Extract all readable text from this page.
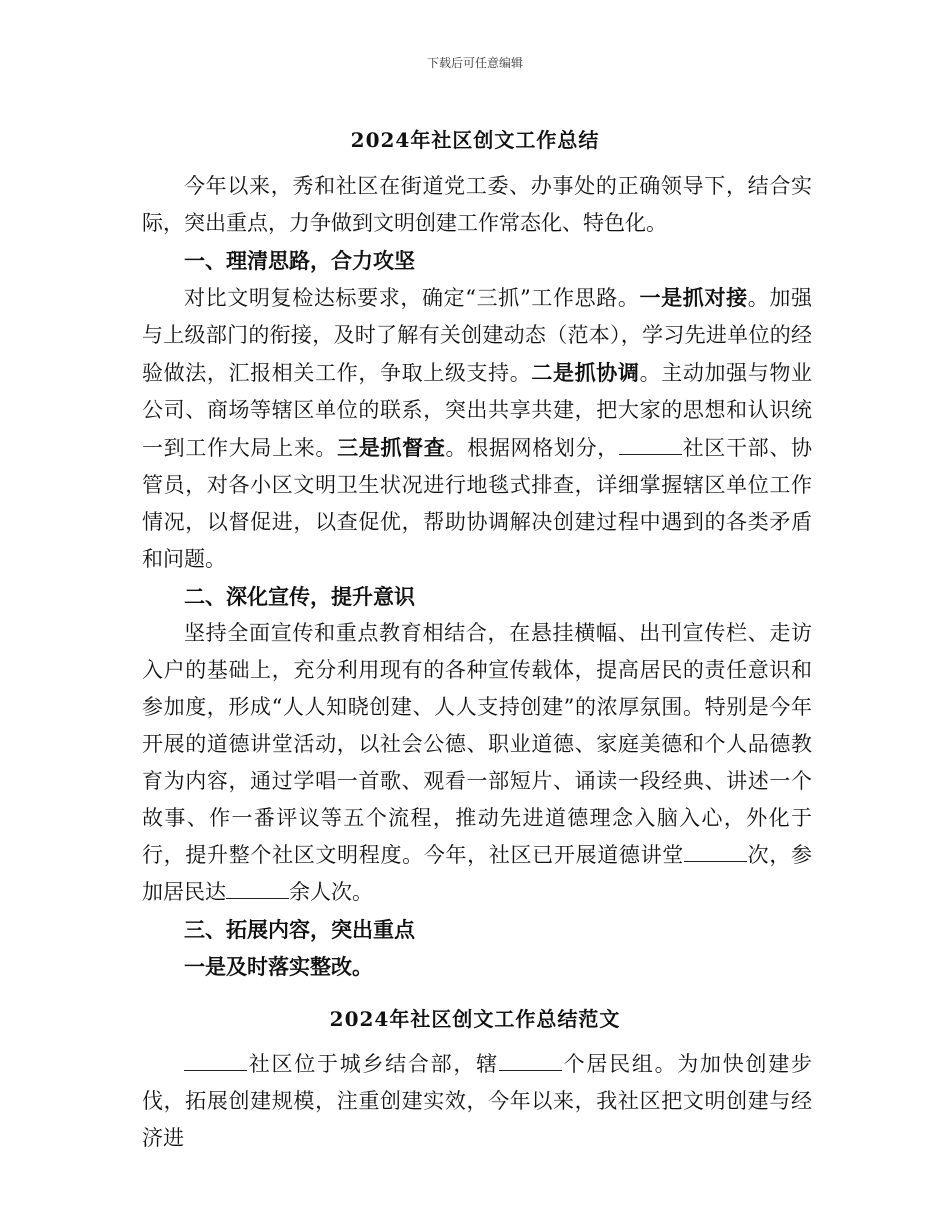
下载后可任意编辑
2024年社区创文工作总结

今年以来，秀和社区在街道党工委、办事处的正确领导下，结合实际，突出重点，力争做到文明创建工作常态化、特色化。

一、理清思路，合力攻坚

对比文明复检达标要求，确定“三抓”工作思路。一是抓对接。加强与上级部门的衔接，及时了解有关创建动态（范本），学习先进单位的经验做法，汇报相关工作，争取上级支持。二是抓协调。主动加强与物业公司、商场等辖区单位的联系，突出共享共建，把大家的思想和认识统一到工作大局上来。三是抓督查。根据网格划分，	社区干部、协管员，对各小区文明卫生状况进行地毯式排查，详细掌握辖区单位工作情况，以督促进，以查促优，帮助协调解决创建过程中遇到的各类矛盾和问题。

二、深化宣传，提升意识

坚持全面宣传和重点教育相结合，在悬挂横幅、出刊宣传栏、走访入户的基础上，充分利用现有的各种宣传载体，提高居民的责任意识和参加度，形成“人人知晓创建、人人支持创建”的浓厚氛围。特别是今年开展的道德讲堂活动，以社会公德、职业道德、家庭美德和个人品德教育为内容，通过学唱一首歌、观看一部短片、诵读一段经典、讲述一个故事、作一番评议等五个流程，推动先进道德理念入脑入心，外化于行，提升整个社区文明程度。今年，社区已开展道德讲堂	次，参加居民达	余人次。

三、拓展内容，突出重点

一是及时落实整改。

2024年社区创文工作总结范文

社区位于城乡结合部，辖	个居民组。为加快创建步伐，拓展创建规模，注重创建实效，今年以来，我社区把文明创建与经济进
